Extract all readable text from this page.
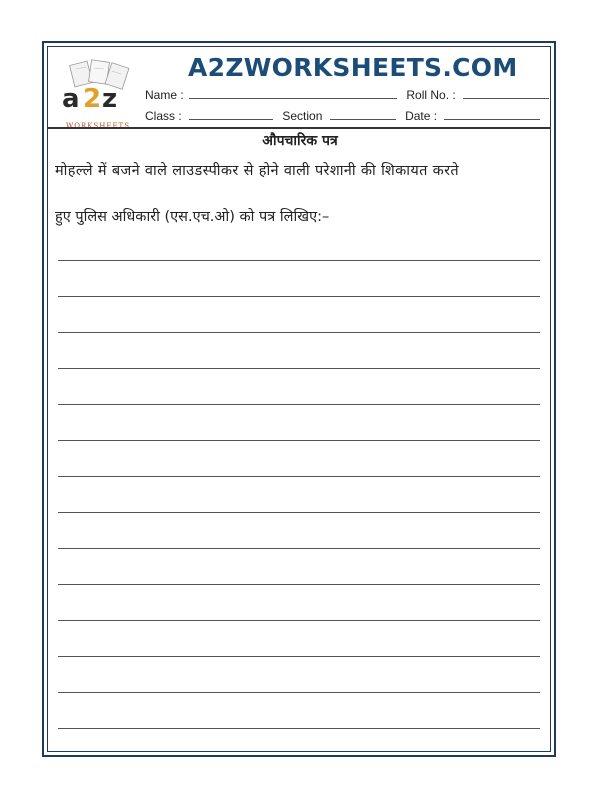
a 2 z
WORKSHEETS
A2ZWORKSHEETS.COM
Name :	Roll No. :
Class :	Section	Date :
औपचारिक पत्र
मोहल्ले में बजने वाले लाउडस्पीकर से होने वाली परेशानी की शिकायत करते
हुए पुलिस अधिकारी (एस.एच.ओ) को पत्र लिखिए:–
